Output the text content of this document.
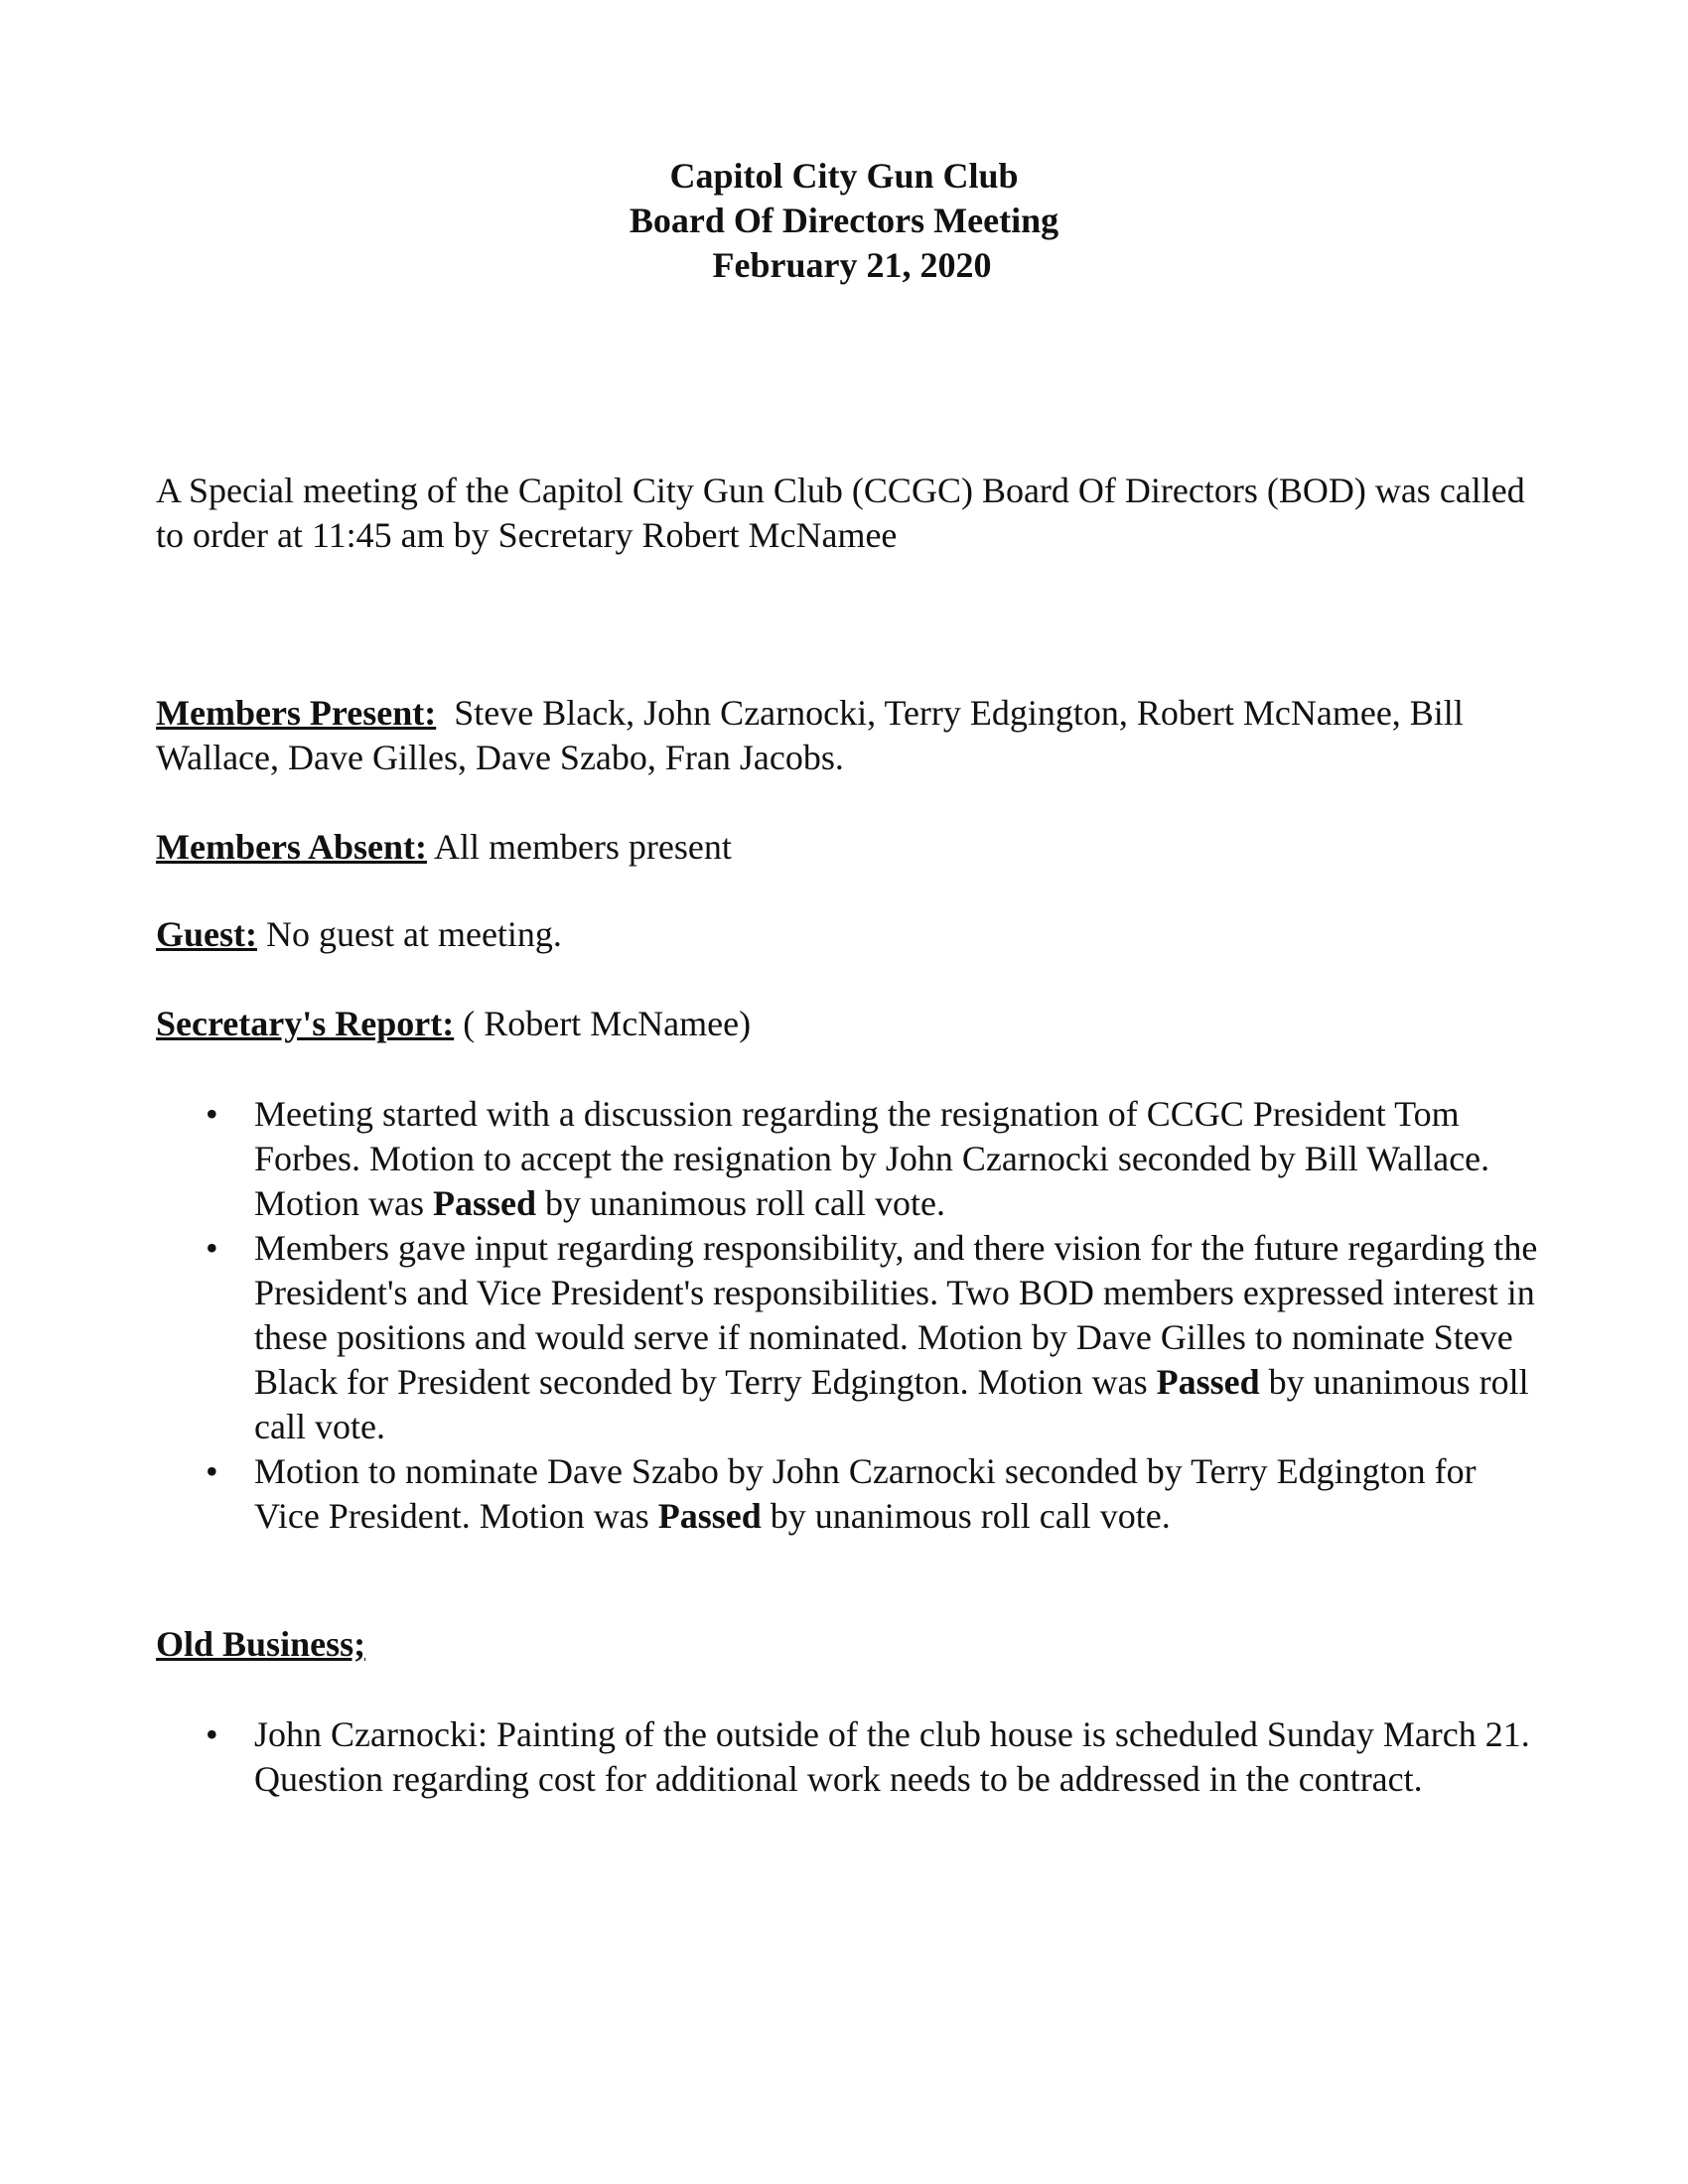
Capitol City Gun Club
Board Of Directors Meeting
February 21, 2020
A Special meeting of the Capitol City Gun Club (CCGC) Board Of Directors (BOD) was called to order at 11:45 am by Secretary Robert McNamee
Members Present: Steve Black, John Czarnocki, Terry Edgington, Robert McNamee, Bill Wallace, Dave Gilles, Dave Szabo, Fran Jacobs.
Members Absent: All members present
Guest: No guest at meeting.
Secretary's Report: ( Robert McNamee)
• Meeting started with a discussion regarding the resignation of CCGC President Tom Forbes. Motion to accept the resignation by John Czarnocki seconded by Bill Wallace. Motion was Passed by unanimous roll call vote.
• Members gave input regarding responsibility, and there vision for the future regarding the President's and Vice President's responsibilities. Two BOD members expressed interest in these positions and would serve if nominated. Motion by Dave Gilles to nominate Steve Black for President seconded by Terry Edgington. Motion was Passed by unanimous roll call vote.
• Motion to nominate Dave Szabo by John Czarnocki seconded by Terry Edgington for Vice President. Motion was Passed by unanimous roll call vote.
Old Business;
• John Czarnocki: Painting of the outside of the club house is scheduled Sunday March 21. Question regarding cost for additional work needs to be addressed in the contract.
